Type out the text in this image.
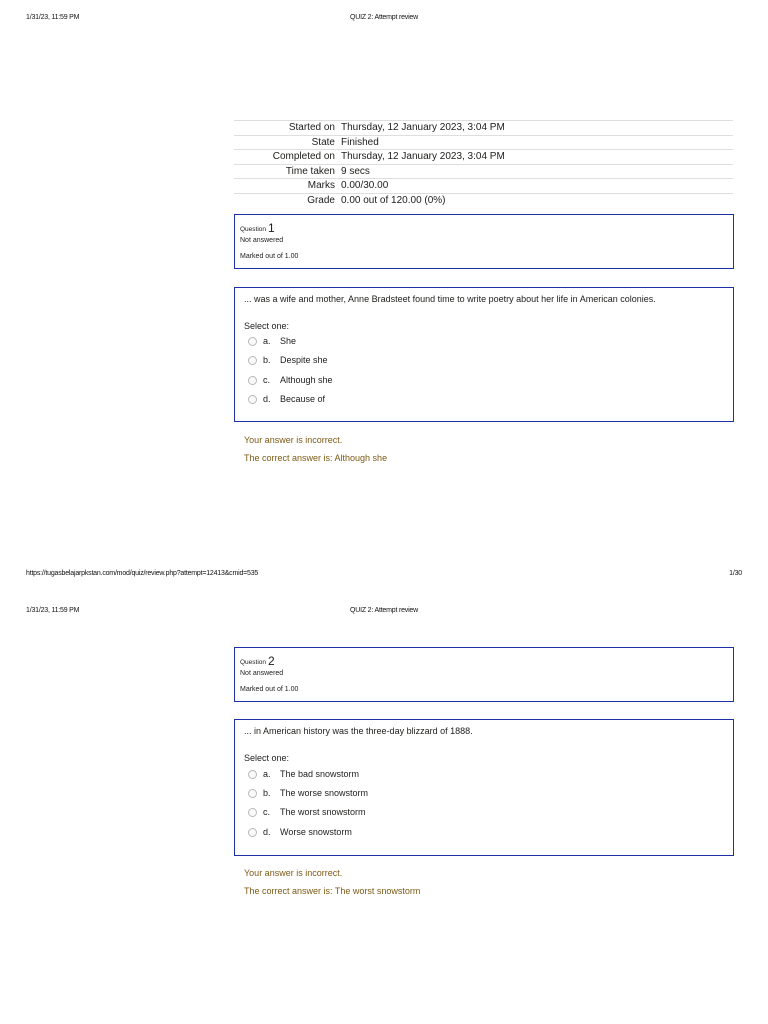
1/31/23, 11:59 PM	QUIZ 2: Attempt review
Started on	Thursday, 12 January 2023, 3:04 PM
State	Finished
Completed on	Thursday, 12 January 2023, 3:04 PM
Time taken	9 secs
Marks	0.00/30.00
Grade	0.00 out of 120.00 (0%)
Question 1
Not answered
Marked out of 1.00
... was a wife and mother, Anne Bradsteet found time to write poetry about her life in American colonies.
Select one:
a.	She
b.	Despite she
c.	Although she
d.	Because of
Your answer is incorrect.
The correct answer is: Although she
https://tugasbelajarpkstan.com/mod/quiz/review.php?attempt=12413&cmid=535	1/30
1/31/23, 11:59 PM	QUIZ 2: Attempt review
Question 2
Not answered
Marked out of 1.00
... in American history was the three-day blizzard of 1888.
Select one:
a.	The bad snowstorm
b.	The worse snowstorm
c.	The worst snowstorm
d.	Worse snowstorm
Your answer is incorrect.
The correct answer is: The worst snowstorm
